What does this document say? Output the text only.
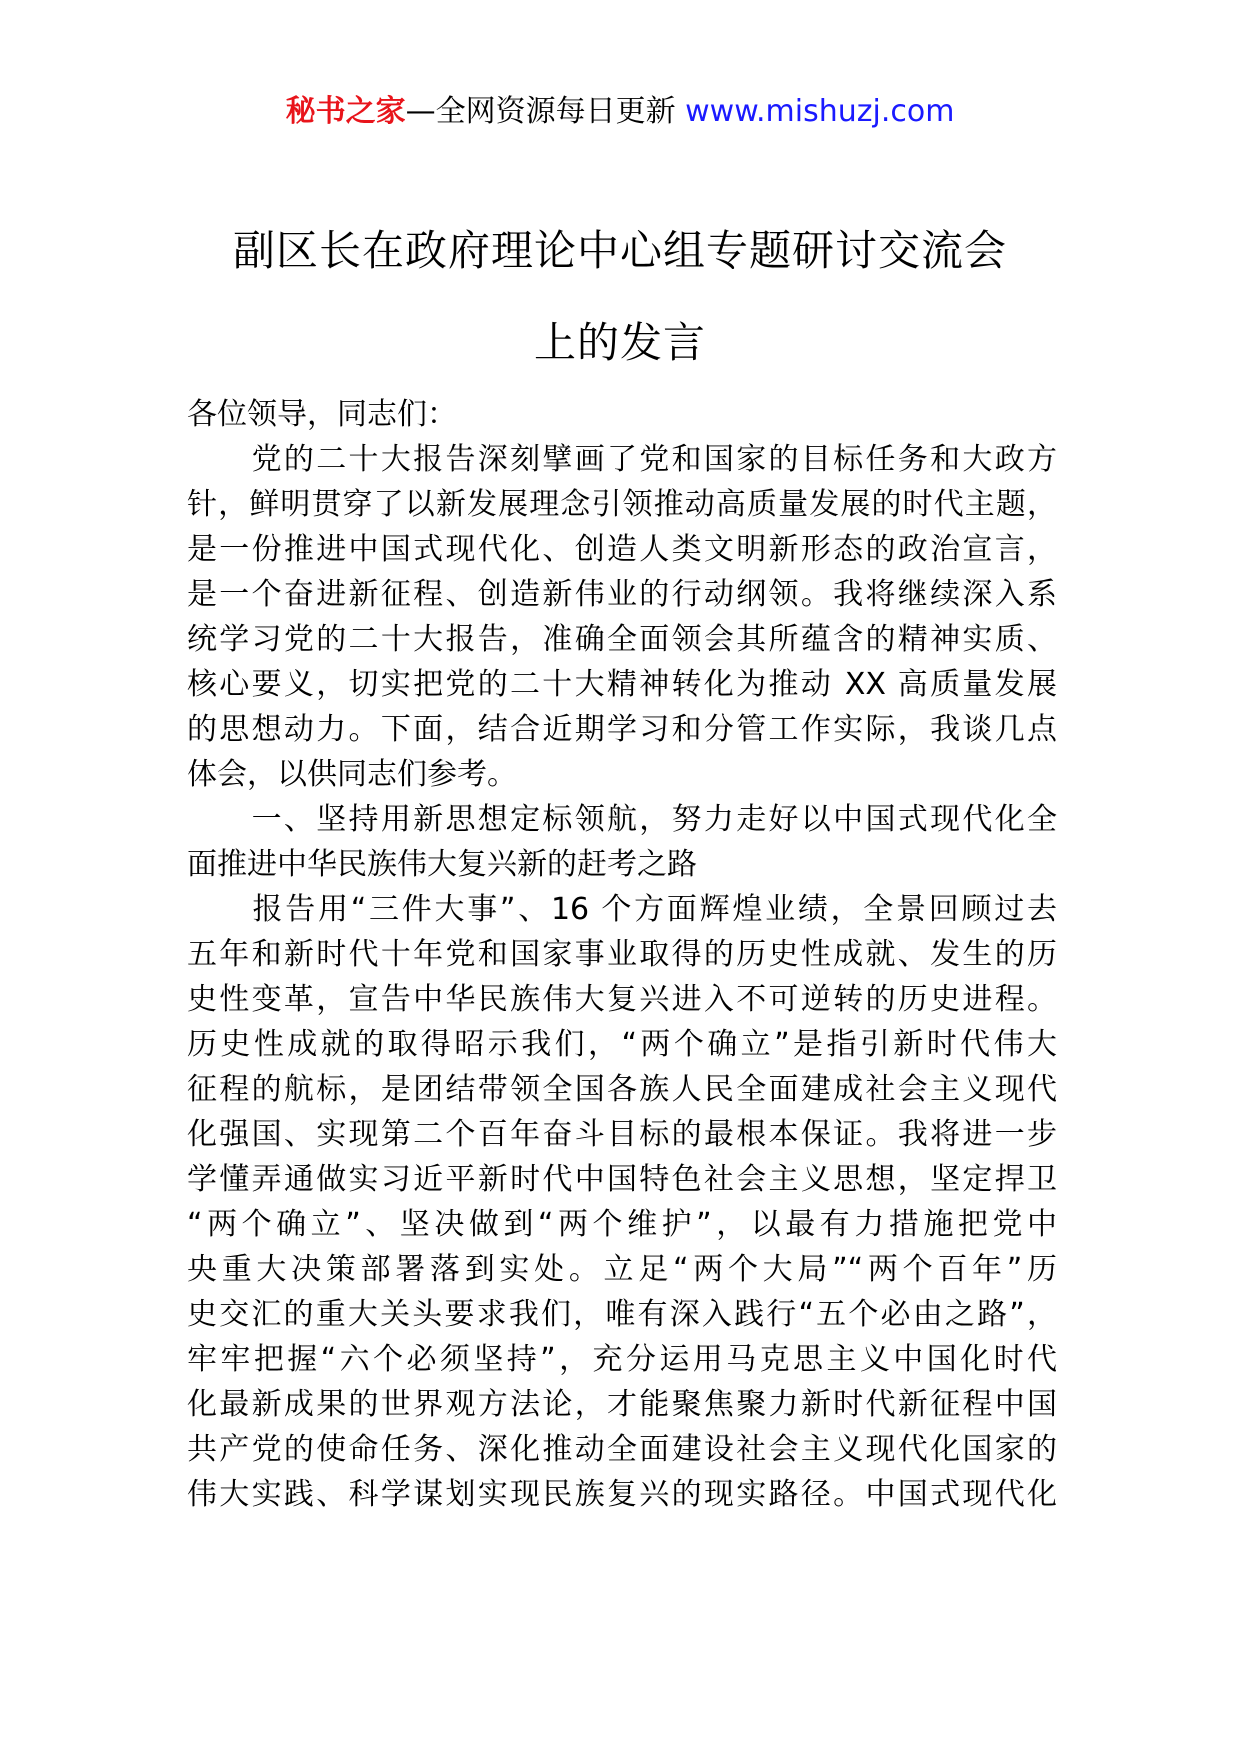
秘书之家—全网资源每日更新 www.mishuzj.com
副区长在政府理论中心组专题研讨交流会
上的发言
各位领导，同志们：
　　党的二十大报告深刻擘画了党和国家的目标任务和大政方
针，鲜明贯穿了以新发展理念引领推动高质量发展的时代主题，
是一份推进中国式现代化、创造人类文明新形态的政治宣言，
是一个奋进新征程、创造新伟业的行动纲领。我将继续深入系
统学习党的二十大报告，准确全面领会其所蕴含的精神实质、
核心要义，切实把党的二十大精神转化为推动 XX 高质量发展
的思想动力。下面，结合近期学习和分管工作实际，我谈几点
体会，以供同志们参考。
　　一、坚持用新思想定标领航，努力走好以中国式现代化全
面推进中华民族伟大复兴新的赶考之路
　　报告用“三件大事”、16 个方面辉煌业绩，全景回顾过去
五年和新时代十年党和国家事业取得的历史性成就、发生的历
史性变革，宣告中华民族伟大复兴进入不可逆转的历史进程。
历史性成就的取得昭示我们，“两个确立”是指引新时代伟大
征程的航标，是团结带领全国各族人民全面建成社会主义现代
化强国、实现第二个百年奋斗目标的最根本保证。我将进一步
学懂弄通做实习近平新时代中国特色社会主义思想，坚定捍卫
“两个确立”、坚决做到“两个维护”，以最有力措施把党中
央重大决策部署落到实处。立足“两个大局”“两个百年”历
史交汇的重大关头要求我们，唯有深入践行“五个必由之路”，
牢牢把握“六个必须坚持”，充分运用马克思主义中国化时代
化最新成果的世界观方法论，才能聚焦聚力新时代新征程中国
共产党的使命任务、深化推动全面建设社会主义现代化国家的
伟大实践、科学谋划实现民族复兴的现实路径。中国式现代化
